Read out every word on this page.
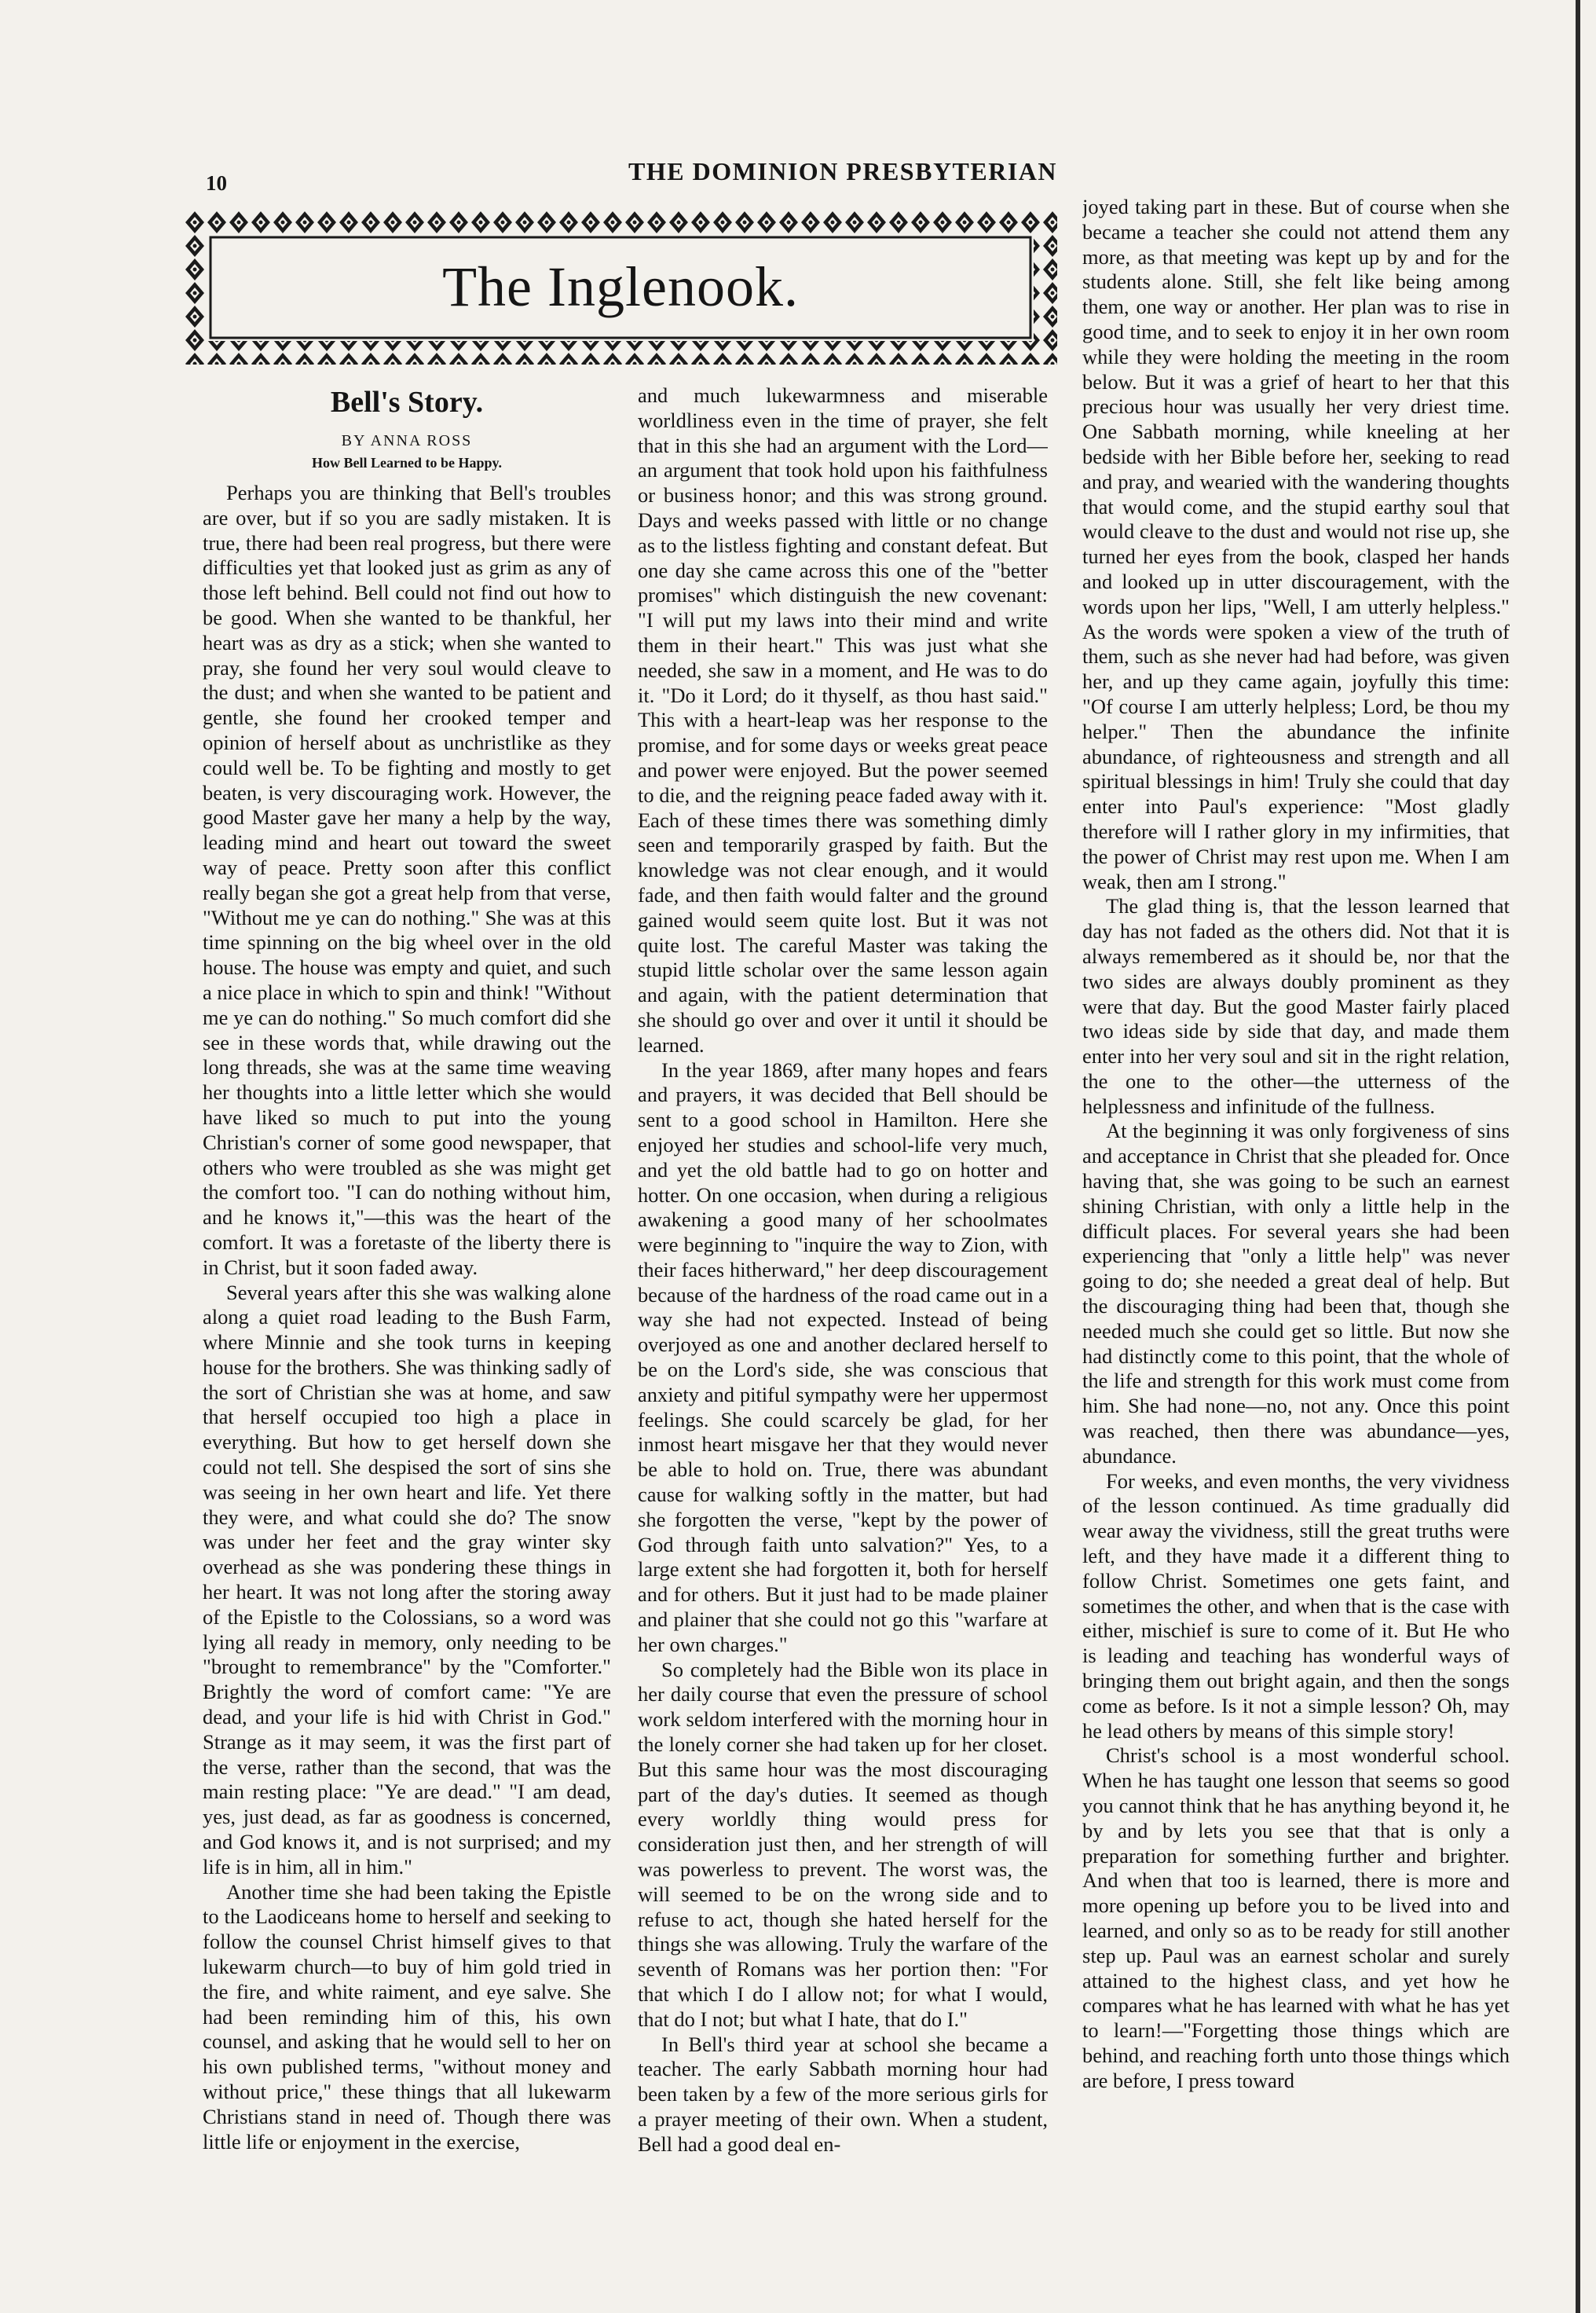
10	THE DOMINION PRESBYTERIAN
The Inglenook.
Bell's Story.
BY ANNA ROSS
How Bell Learned to be Happy.

Perhaps you are thinking that Bell's troubles are over, but if so you are sadly mistaken. It is true, there had been real progress, but there were difficulties yet that looked just as grim as any of those left behind. Bell could not find out how to be good. When she wanted to be thankful, her heart was as dry as a stick; when she wanted to pray, she found her very soul would cleave to the dust; and when she wanted to be patient and gentle, she found her crooked temper and opinion of herself about as unchristlike as they could well be. To be fighting and mostly to get beaten, is very discouraging work. However, the good Master gave her many a help by the way, leading mind and heart out toward the sweet way of peace. Pretty soon after this conflict really began she got a great help from that verse, "Without me ye can do nothing." She was at this time spinning on the big wheel over in the old house. The house was empty and quiet, and such a nice place in which to spin and think! "Without me ye can do nothing." So much comfort did she see in these words that, while drawing out the long threads, she was at the same time weaving her thoughts into a little letter which she would have liked so much to put into the young Christian's corner of some good newspaper, that others who were troubled as she was might get the comfort too. "I can do nothing without him, and he knows it,"—this was the heart of the comfort. It was a foretaste of the liberty there is in Christ, but it soon faded away.

Several years after this she was walking alone along a quiet road leading to the Bush Farm, where Minnie and she took turns in keeping house for the brothers. She was thinking sadly of the sort of Christian she was at home, and saw that herself occupied too high a place in everything. But how to get herself down she could not tell. She despised the sort of sins she was seeing in her own heart and life. Yet there they were, and what could she do? The snow was under her feet and the gray winter sky overhead as she was pondering these things in her heart. It was not long after the storing away of the Epistle to the Colossians, so a word was lying all ready in memory, only needing to be "brought to remembrance" by the "Comforter." Brightly the word of comfort came: "Ye are dead, and your life is hid with Christ in God." Strange as it may seem, it was the first part of the verse, rather than the second, that was the main resting place: "Ye are dead." "I am dead, yes, just dead, as far as goodness is concerned, and God knows it, and is not surprised; and my life is in him, all in him."

Another time she had been taking the Epistle to the Laodiceans home to herself and seeking to follow the counsel Christ himself gives to that lukewarm church—to buy of him gold tried in the fire, and white raiment, and eye salve. She had been reminding him of this, his own counsel, and asking that he would sell to her on his own published terms, "without money and without price," these things that all lukewarm Christians stand in need of. Though there was little life or enjoyment in the exercise,

and much lukewarmness and miserable worldliness even in the time of prayer, she felt that in this she had an argument with the Lord—an argument that took hold upon his faithfulness or business honor; and this was strong ground. Days and weeks passed with little or no change as to the listless fighting and constant defeat. But one day she came across this one of the "better promises" which distinguish the new covenant: "I will put my laws into their mind and write them in their heart." This was just what she needed, she saw in a moment, and He was to do it. "Do it Lord; do it thyself, as thou hast said." This with a heart-leap was her response to the promise, and for some days or weeks great peace and power were enjoyed. But the power seemed to die, and the reigning peace faded away with it. Each of these times there was something dimly seen and temporarily grasped by faith. But the knowledge was not clear enough, and it would fade, and then faith would falter and the ground gained would seem quite lost. But it was not quite lost. The careful Master was taking the stupid little scholar over the same lesson again and again, with the patient determination that she should go over and over it until it should be learned.

In the year 1869, after many hopes and fears and prayers, it was decided that Bell should be sent to a good school in Hamilton. Here she enjoyed her studies and school-life very much, and yet the old battle had to go on hotter and hotter. On one occasion, when during a religious awakening a good many of her schoolmates were beginning to "inquire the way to Zion, with their faces hitherward," her deep discouragement because of the hardness of the road came out in a way she had not expected. Instead of being overjoyed as one and another declared herself to be on the Lord's side, she was conscious that anxiety and pitiful sympathy were her uppermost feelings. She could scarcely be glad, for her inmost heart misgave her that they would never be able to hold on. True, there was abundant cause for walking softly in the matter, but had she forgotten the verse, "kept by the power of God through faith unto salvation?" Yes, to a large extent she had forgotten it, both for herself and for others. But it just had to be made plainer and plainer that she could not go this "warfare at her own charges."

So completely had the Bible won its place in her daily course that even the pressure of school work seldom interfered with the morning hour in the lonely corner she had taken up for her closet. But this same hour was the most discouraging part of the day's duties. It seemed as though every worldly thing would press for consideration just then, and her strength of will was powerless to prevent. The worst was, the will seemed to be on the wrong side and to refuse to act, though she hated herself for the things she was allowing. Truly the warfare of the seventh of Romans was her portion then: "For that which I do I allow not; for what I would, that do I not; but what I hate, that do I."

In Bell's third year at school she became a teacher. The early Sabbath morning hour had been taken by a few of the more serious girls for a prayer meeting of their own. When a student, Bell had a good deal en-

joyed taking part in these. But of course when she became a teacher she could not attend them any more, as that meeting was kept up by and for the students alone. Still, she felt like being among them, one way or another. Her plan was to rise in good time, and to seek to enjoy it in her own room while they were holding the meeting in the room below. But it was a grief of heart to her that this precious hour was usually her very driest time. One Sabbath morning, while kneeling at her bedside with her Bible before her, seeking to read and pray, and wearied with the wandering thoughts that would come, and the stupid earthy soul that would cleave to the dust and would not rise up, she turned her eyes from the book, clasped her hands and looked up in utter discouragement, with the words upon her lips, "Well, I am utterly helpless." As the words were spoken a view of the truth of them, such as she never had had before, was given her, and up they came again, joyfully this time: "Of course I am utterly helpless; Lord, be thou my helper." Then the abundance the infinite abundance, of righteousness and strength and all spiritual blessings in him! Truly she could that day enter into Paul's experience: "Most gladly therefore will I rather glory in my infirmities, that the power of Christ may rest upon me. When I am weak, then am I strong."

The glad thing is, that the lesson learned that day has not faded as the others did. Not that it is always remembered as it should be, nor that the two sides are always doubly prominent as they were that day. But the good Master fairly placed two ideas side by side that day, and made them enter into her very soul and sit in the right relation, the one to the other—the utterness of the helplessness and infinitude of the fullness.

At the beginning it was only forgiveness of sins and acceptance in Christ that she pleaded for. Once having that, she was going to be such an earnest shining Christian, with only a little help in the difficult places. For several years she had been experiencing that "only a little help" was never going to do; she needed a great deal of help. But the discouraging thing had been that, though she needed much she could get so little. But now she had distinctly come to this point, that the whole of the life and strength for this work must come from him. She had none—no, not any. Once this point was reached, then there was abundance—yes, abundance.

For weeks, and even months, the very vividness of the lesson continued. As time gradually did wear away the vividness, still the great truths were left, and they have made it a different thing to follow Christ. Sometimes one gets faint, and sometimes the other, and when that is the case with either, mischief is sure to come of it. But He who is leading and teaching has wonderful ways of bringing them out bright again, and then the songs come as before. Is it not a simple lesson? Oh, may he lead others by means of this simple story!

Christ's school is a most wonderful school. When he has taught one lesson that seems so good you cannot think that he has anything beyond it, he by and by lets you see that that is only a preparation for something further and brighter. And when that too is learned, there is more and more opening up before you to be lived into and learned, and only so as to be ready for still another step up. Paul was an earnest scholar and surely attained to the highest class, and yet how he compares what he has learned with what he has yet to learn!—"Forgetting those things which are behind, and reaching forth unto those things which are before, I press toward
